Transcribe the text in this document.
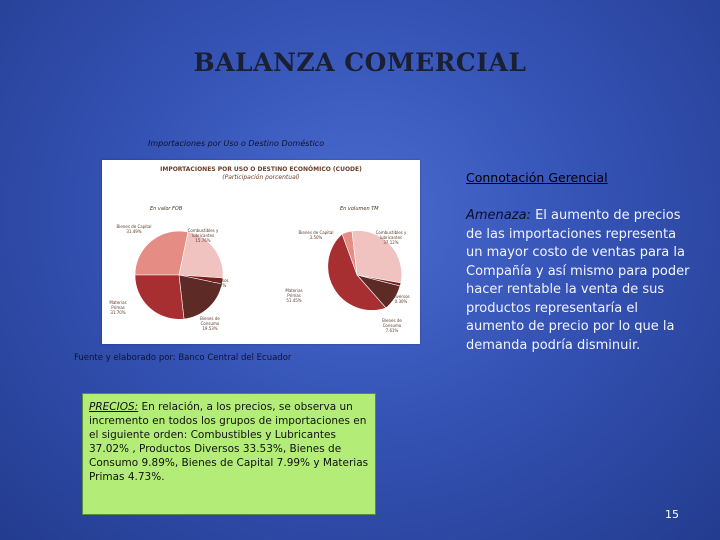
BALANZA COMERCIAL
Importaciones por Uso o Destino Doméstico
IMPORTACIONES POR USO O DESTINO ECONÓMICO (CUODE)
(Participación porcentual)
En valor FOB	En volumen TM
Bienes de Capital
31.49%	Combustibles y lubricantes
15.76%
Diversos
0.27%
Bienes de Consumo
19.53%
Materias Primas
31.70%
Bienes de Capital
3.50%
Combustibles y lubricantes
37.12%
Diversos
0.30%
Bienes de Consumo
7.61%
Materias Primas
51.45%
Fuente y elaborado por: Banco Central del Ecuador
Connotación Gerencial
Amenaza: El aumento de precios de las importaciones representa un mayor costo de ventas para la Compañía y así mismo para poder hacer rentable la venta de sus productos representaría el aumento de precio por lo que la demanda podría disminuir.
PRECIOS: En relación, a los precios, se observa un incremento en todos los grupos de importaciones en el siguiente orden: Combustibles y Lubricantes 37.02% , Productos Diversos 33.53%, Bienes de Consumo 9.89%, Bienes de Capital 7.99% y Materias Primas 4.73%.
15
